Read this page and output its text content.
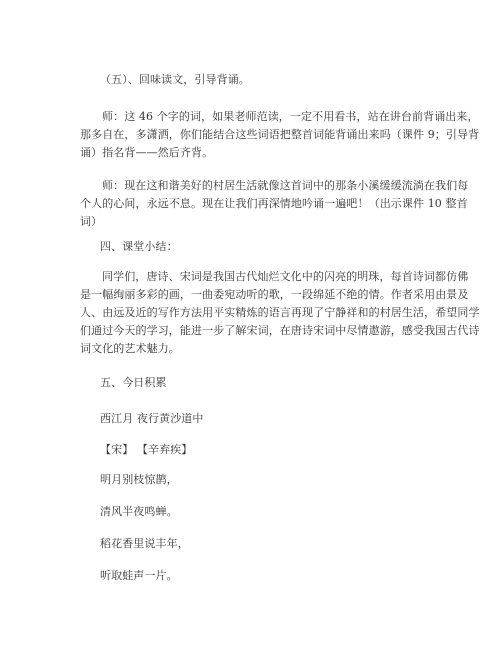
（五）、回味读文，引导背诵。
师：这 46 个字的词，如果老师范读，一定不用看书，站在讲台前背诵出来，
那多自在，多潇洒，你们能结合这些词语把整首词能背诵出来吗（课件 9；引导背
诵）指名背——然后齐背。
师：现在这和谐美好的村居生活就像这首词中的那条小溪缓缓流淌在我们每
个人的心间，永远不息。现在让我们再深情地吟诵一遍吧！（出示课件 10 整首
词）
四、课堂小结：
同学们，唐诗、宋词是我国古代灿烂文化中的闪亮的明珠，每首诗词都仿佛
是一幅绚丽多彩的画，一曲委宛动听的歌，一段绵延不绝的情。作者采用由景及
人、由远及近的写作方法用平实精炼的语言再现了宁静祥和的村居生活，希望同学
们通过今天的学习，能进一步了解宋词，在唐诗宋词中尽情遨游，感受我国古代诗
词文化的艺术魅力。
五、今日积累
西江月 夜行黄沙道中
【宋】 【辛弃疾】
明月别枝惊鹊，
清风半夜鸣蝉。
稻花香里说丰年，
听取蛙声一片。
